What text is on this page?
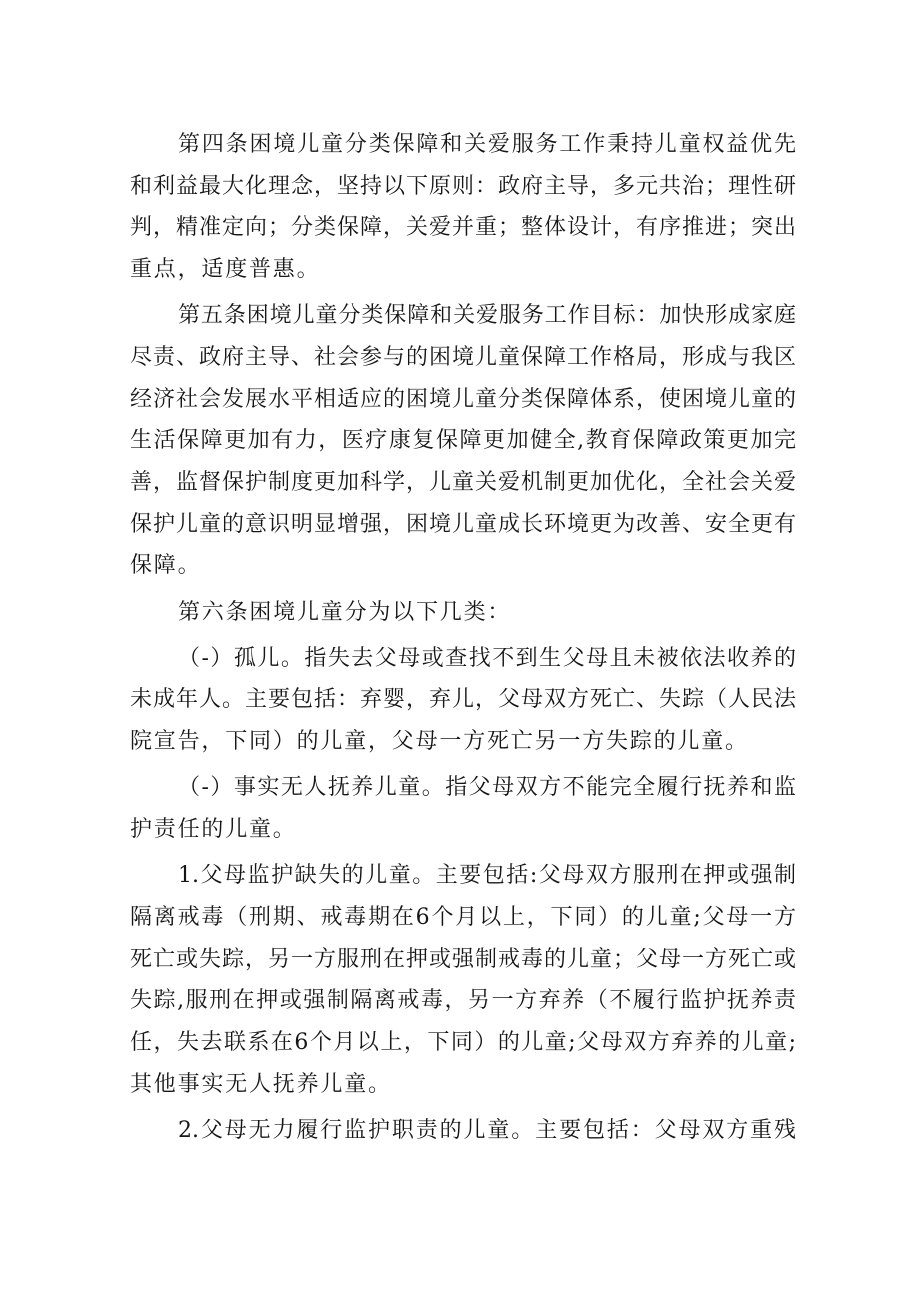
第四条困境儿童分类保障和关爱服务工作秉持儿童权益优先
和利益最大化理念，坚持以下原则：政府主导，多元共治；理性研
判，精准定向；分类保障，关爱并重；整体设计，有序推进；突出
重点，适度普惠。
第五条困境儿童分类保障和关爱服务工作目标：加快形成家庭
尽责、政府主导、社会参与的困境儿童保障工作格局，形成与我区
经济社会发展水平相适应的困境儿童分类保障体系，使困境儿童的
生活保障更加有力，医疗康复保障更加健全,教育保障政策更加完
善，监督保护制度更加科学，儿童关爱机制更加优化，全社会关爱
保护儿童的意识明显增强，困境儿童成长环境更为改善、安全更有
保障。
第六条困境儿童分为以下几类：
（-）孤儿。指失去父母或查找不到生父母且未被依法收养的
未成年人。主要包括：弃婴，弃儿，父母双方死亡、失踪（人民法
院宣告，下同）的儿童，父母一方死亡另一方失踪的儿童。
（-）事实无人抚养儿童。指父母双方不能完全履行抚养和监
护责任的儿童。
1.父母监护缺失的儿童。主要包括:父母双方服刑在押或强制
隔离戒毒（刑期、戒毒期在6个月以上，下同）的儿童;父母一方
死亡或失踪，另一方服刑在押或强制戒毒的儿童；父母一方死亡或
失踪,服刑在押或强制隔离戒毒，另一方弃养（不履行监护抚养责
任，失去联系在6个月以上，下同）的儿童;父母双方弃养的儿童;
其他事实无人抚养儿童。
2.父母无力履行监护职责的儿童。主要包括：父母双方重残
